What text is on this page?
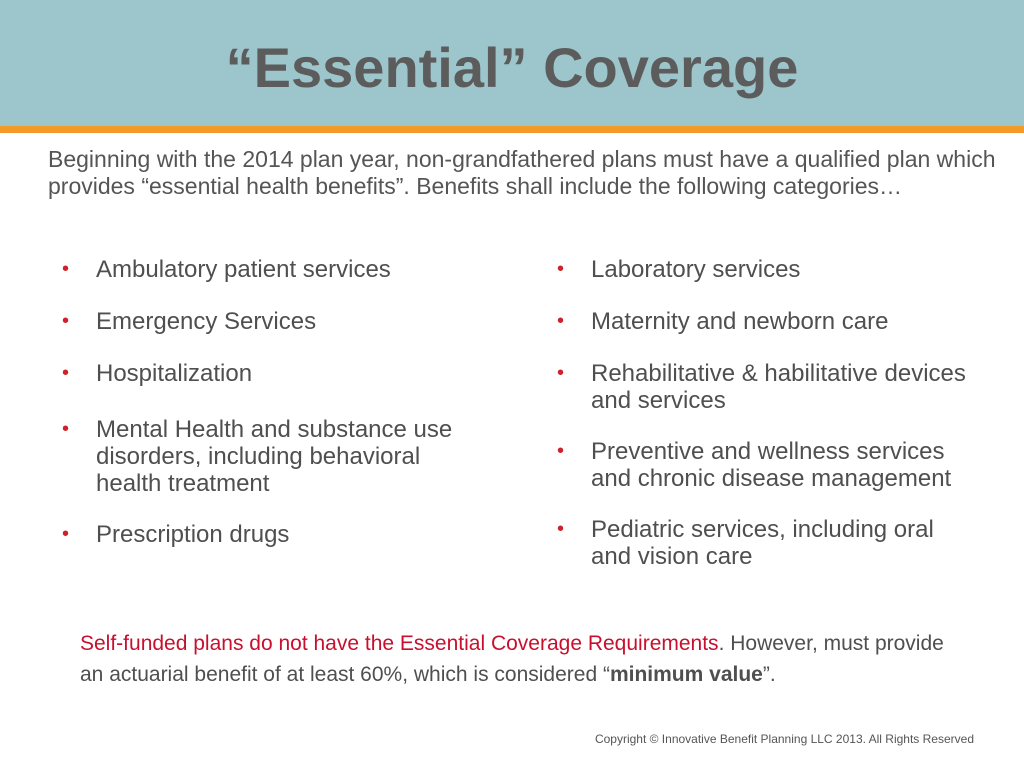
“Essential” Coverage
Beginning with the 2014 plan year, non-grandfathered plans must have a qualified plan which provides “essential health benefits”. Benefits shall include the following categories…
• Ambulatory patient services
• Emergency Services
• Hospitalization
• Mental Health and substance use disorders, including behavioral health treatment
• Prescription drugs
• Laboratory services
• Maternity and newborn care
• Rehabilitative & habilitative devices and services
• Preventive and wellness services and chronic disease management
• Pediatric services, including oral and vision care
Self-funded plans do not have the Essential Coverage Requirements. However, must provide an actuarial benefit of at least 60%, which is considered “minimum value”.
Copyright © Innovative Benefit Planning LLC 2013. All Rights Reserved
